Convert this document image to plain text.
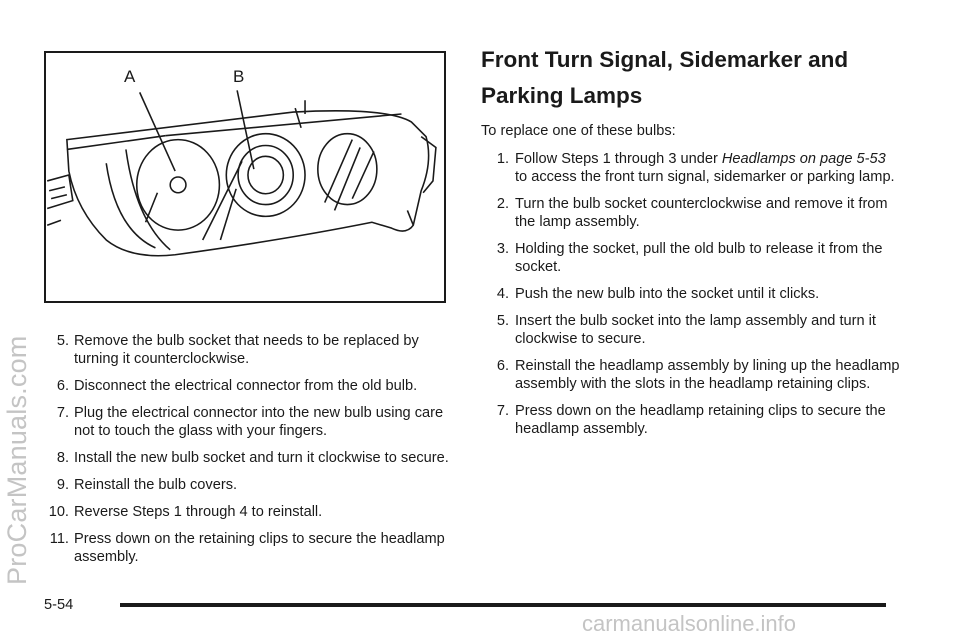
A	B
5. Remove the bulb socket that needs to be replaced by turning it counterclockwise.
6. Disconnect the electrical connector from the old bulb.
7. Plug the electrical connector into the new bulb using care not to touch the glass with your fingers.
8. Install the new bulb socket and turn it clockwise to secure.
9. Reinstall the bulb covers.
10. Reverse Steps 1 through 4 to reinstall.
11. Press down on the retaining clips to secure the headlamp assembly.
Front Turn Signal, Sidemarker and Parking Lamps

To replace one of these bulbs:

1. Follow Steps 1 through 3 under Headlamps on page 5-53 to access the front turn signal, sidemarker or parking lamp.
2. Turn the bulb socket counterclockwise and remove it from the lamp assembly.
3. Holding the socket, pull the old bulb to release it from the socket.
4. Push the new bulb into the socket until it clicks.
5. Insert the bulb socket into the lamp assembly and turn it clockwise to secure.
6. Reinstall the headlamp assembly by lining up the headlamp assembly with the slots in the headlamp retaining clips.
7. Press down on the headlamp retaining clips to secure the headlamp assembly.
5-54
ProCarManuals.com
carmanualsonline.info
